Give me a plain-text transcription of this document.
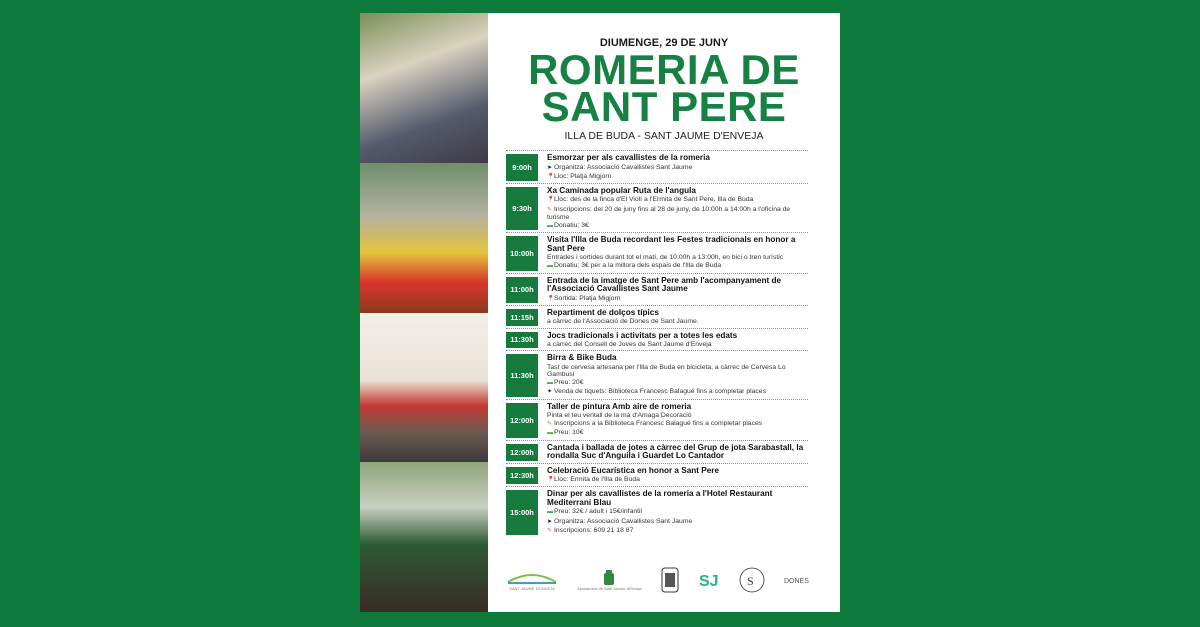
DIUMENGE, 29 DE JUNY
ROMERIA DE
SANT PERE
ILLA DE BUDA - SANT JAUME D'ENVEJA
9:00h
Esmorzar per als cavallistes de la romeria
➤ Organitza: Associació Cavallistes Sant Jaume
📍Lloc: Platja Migjorn
9:30h
Xa Caminada popular Ruta de l'angula
📍Lloc: des de la finca d'El Violí a l'Ermita de Sant Pere, Illa de Buda
✎ Inscripcions: del 20 de juny fins al 28 de juny, de 10:00h a 14:00h a l'oficina de turisme
▬Donatiu: 3€
10:00h
Visita l'Illa de Buda recordant les Festes tradicionals en honor a Sant Pere
Entrades i sortides durant tot el matí, de 10:00h a 13:00h, en bici o tren turístic
▬Donatiu: 3€ per a la millora dels espais de l'Illa de Buda
11:00h
Entrada de la imatge de Sant Pere amb l'acompanyament de l'Associació Cavallistes Sant Jaume
📍Sortida: Platja Migjorn
11:15h
Repartiment de dolços típics
a càrrec de l'Associació de Dones de Sant Jaume.
11:30h
Jocs tradicionals i activitats per a totes les edats
a càrrec del Consell de Joves de Sant Jaume d'Enveja
11:30h
Birra & Bike Buda
Tast de cervesa artesana per l'Illa de Buda en bicicleta, a càrrec de Cervesa Lo Gambusí
▬Preu: 20€
✦ Venda de tiquets: Biblioteca Francesc Balagué fins a completar places
12:00h
Taller de pintura Amb aire de romeria
Pinta el teu ventall de la mà d'Amaga Decoració
✎ Inscripcions a la Biblioteca Francesc Balagué fins a completar places
▬Preu: 10€
12:00h
Cantada i ballada de jotes a càrrec del Grup de jota Sarabastall, la rondalla Suc d'Anguila i Guardet Lo Cantador
12:30h
Celebració Eucarística en honor a Sant Pere
📍Lloc: Ermita de l'Illa de Buda
15:00h
Dinar per als cavallistes de la romeria a l'Hotel Restaurant Mediterrani Blau
▬Preu: 32€ / adult i 15€/infantil
➤ Organitza: Associació Cavallistes Sant Jaume
✎ Inscripcions: 609 21 18 87
SANT JAUME D'ENVEJA	Ajuntament de Sant Jaume d'Enveja	SJ S	DONES
